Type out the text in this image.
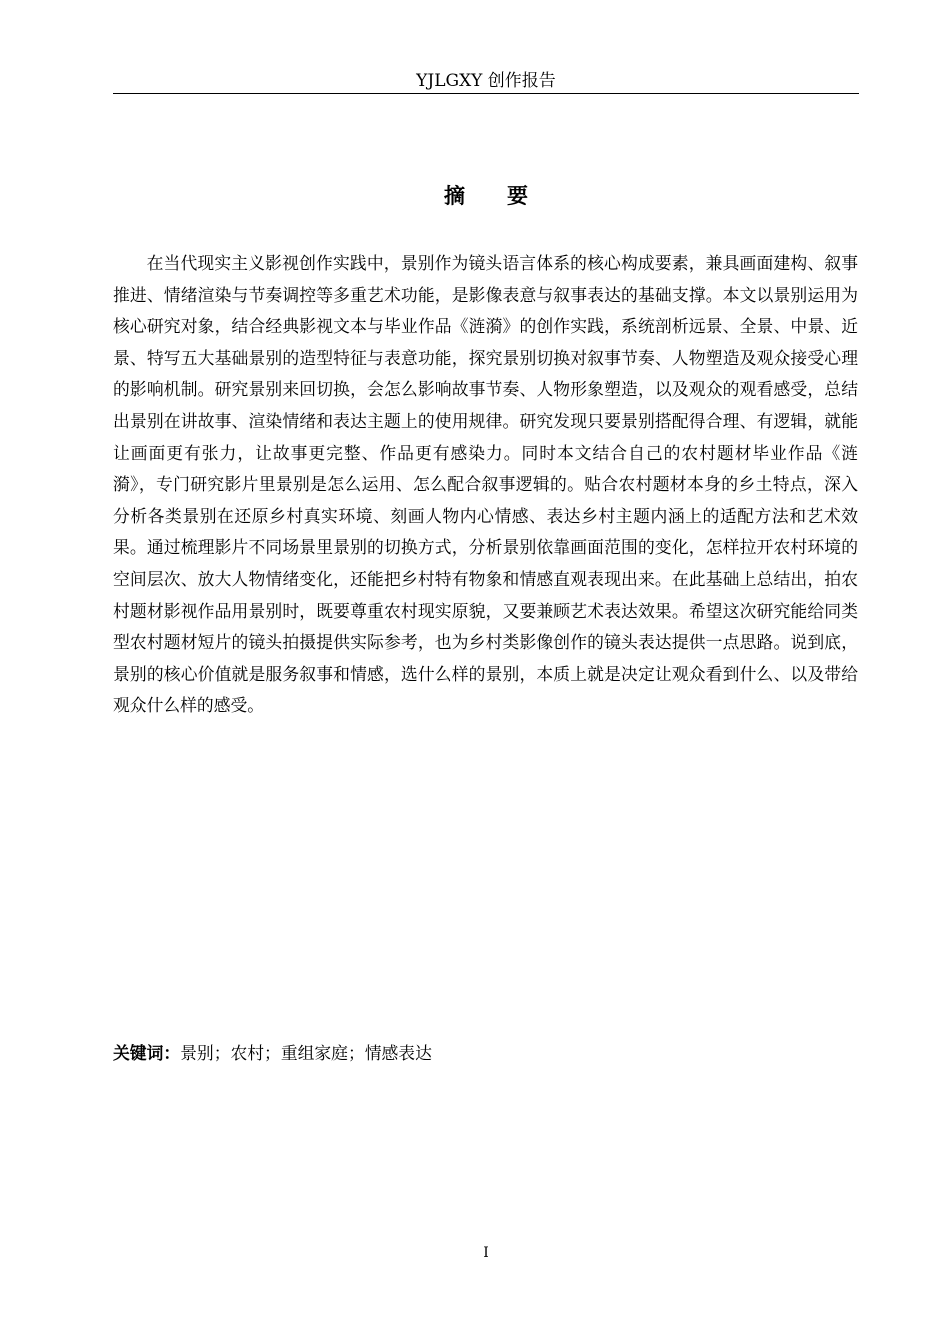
YJLGXY 创作报告
摘 要

在当代现实主义影视创作实践中，景别作为镜头语言体系的核心构成要素，兼具画面建构、叙事推进、情绪渲染与节奏调控等多重艺术功能，是影像表意与叙事表达的基础支撑。本文以景别运用为核心研究对象，结合经典影视文本与毕业作品《涟漪》的创作实践，系统剖析远景、全景、中景、近景、特写五大基础景别的造型特征与表意功能，探究景别切换对叙事节奏、人物塑造及观众接受心理的影响机制。研究景别来回切换，会怎么影响故事节奏、人物形象塑造，以及观众的观看感受，总结出景别在讲故事、渲染情绪和表达主题上的使用规律。研究发现只要景别搭配得合理、有逻辑，就能让画面更有张力，让故事更完整、作品更有感染力。同时本文结合自己的农村题材毕业作品《涟漪》，专门研究影片里景别是怎么运用、怎么配合叙事逻辑的。贴合农村题材本身的乡土特点，深入分析各类景别在还原乡村真实环境、刻画人物内心情感、表达乡村主题内涵上的适配方法和艺术效果。通过梳理影片不同场景里景别的切换方式，分析景别依靠画面范围的变化，怎样拉开农村环境的空间层次、放大人物情绪变化，还能把乡村特有物象和情感直观表现出来。在此基础上总结出，拍农村题材影视作品用景别时，既要尊重农村现实原貌，又要兼顾艺术表达效果。希望这次研究能给同类型农村题材短片的镜头拍摄提供实际参考，也为乡村类影像创作的镜头表达提供一点思路。说到底，景别的核心价值就是服务叙事和情感，选什么样的景别，本质上就是决定让观众看到什么、以及带给观众什么样的感受。

关键词：景别；农村；重组家庭；情感表达
I
